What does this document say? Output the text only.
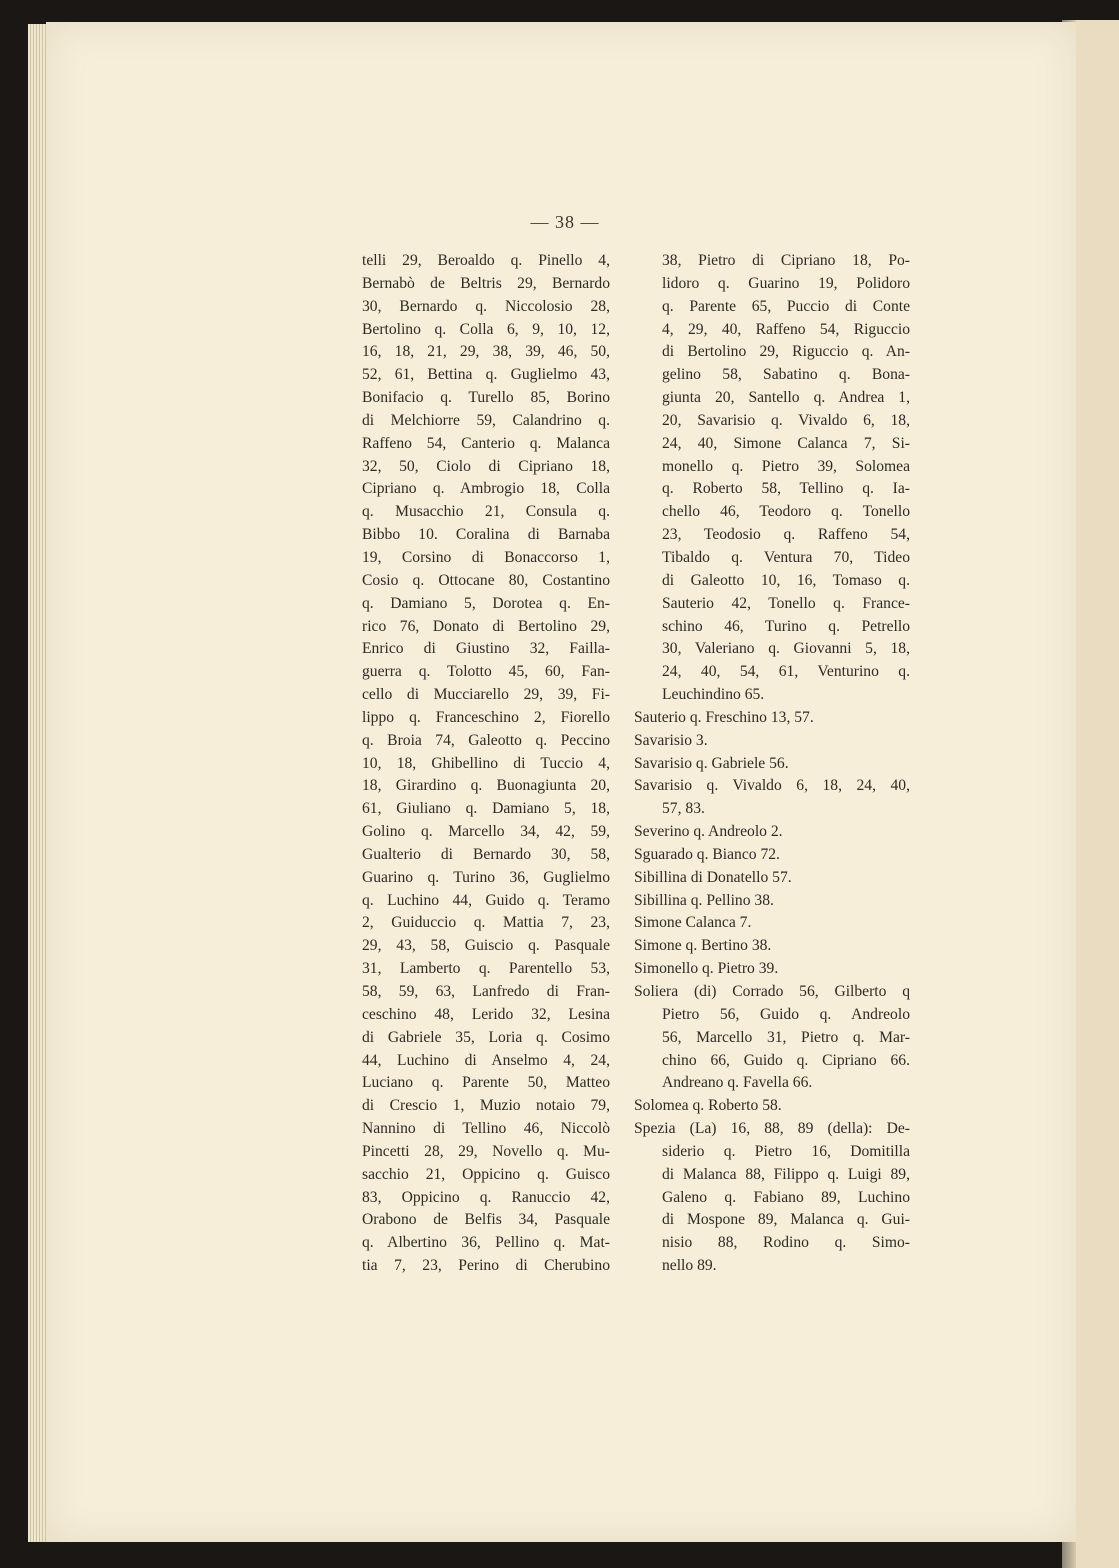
— 38 —
telli 29, Beroaldo q. Pinello 4,
Bernabò de Beltris 29, Bernardo
30, Bernardo q. Niccolosio 28,
Bertolino q. Colla 6, 9, 10, 12,
16, 18, 21, 29, 38, 39, 46, 50,
52, 61, Bettina q. Guglielmo 43,
Bonifacio q. Turello 85, Borino
di Melchiorre 59, Calandrino q.
Raffeno 54, Canterio q. Malanca
32, 50, Ciolo di Cipriano 18,
Cipriano q. Ambrogio 18, Colla
q. Musacchio 21, Consula q.
Bibbo 10. Coralina di Barnaba
19, Corsino di Bonaccorso 1,
Cosio q. Ottocane 80, Costantino
q. Damiano 5, Dorotea q. En-
rico 76, Donato di Bertolino 29,
Enrico di Giustino 32, Failla-
guerra q. Tolotto 45, 60, Fan-
cello di Mucciarello 29, 39, Fi-
lippo q. Franceschino 2, Fiorello
q. Broia 74, Galeotto q. Peccino
10, 18, Ghibellino di Tuccio 4,
18, Girardino q. Buonagiunta 20,
61, Giuliano q. Damiano 5, 18,
Golino q. Marcello 34, 42, 59,
Gualterio di Bernardo 30, 58,
Guarino q. Turino 36, Guglielmo
q. Luchino 44, Guido q. Teramo
2, Guiduccio q. Mattia 7, 23,
29, 43, 58, Guiscio q. Pasquale
31, Lamberto q. Parentello 53,
58, 59, 63, Lanfredo di Fran-
ceschino 48, Lerido 32, Lesina
di Gabriele 35, Loria q. Cosimo
44, Luchino di Anselmo 4, 24,
Luciano q. Parente 50, Matteo
di Crescio 1, Muzio notaio 79,
Nannino di Tellino 46, Niccolò
Pincetti 28, 29, Novello q. Mu-
sacchio 21, Oppicino q. Guisco
83, Oppicino q. Ranuccio 42,
Orabono de Belfis 34, Pasquale
q. Albertino 36, Pellino q. Mat-
tia 7, 23, Perino di Cherubino
38, Pietro di Cipriano 18, Po-
lidoro q. Guarino 19, Polidoro
q. Parente 65, Puccio di Conte
4, 29, 40, Raffeno 54, Riguccio
di Bertolino 29, Riguccio q. An-
gelino 58, Sabatino q. Bona-
giunta 20, Santello q. Andrea 1,
20, Savarisio q. Vivaldo 6, 18,
24, 40, Simone Calanca 7, Si-
monello q. Pietro 39, Solomea
q. Roberto 58, Tellino q. Ia-
chello 46, Teodoro q. Tonello
23, Teodosio q. Raffeno 54,
Tibaldo q. Ventura 70, Tideo
di Galeotto 10, 16, Tomaso q.
Sauterio 42, Tonello q. France-
schino 46, Turino q. Petrello
30, Valeriano q. Giovanni 5, 18,
24, 40, 54, 61, Venturino q.
Leuchindino 65.
Sauterio q. Freschino 13, 57.
Savarisio 3.
Savarisio q. Gabriele 56.
Savarisio q. Vivaldo 6, 18, 24, 40,
57, 83.
Severino q. Andreolo 2.
Sguarado q. Bianco 72.
Sibillina di Donatello 57.
Sibillina q. Pellino 38.
Simone Calanca 7.
Simone q. Bertino 38.
Simonello q. Pietro 39.
Soliera (di) Corrado 56, Gilberto q
Pietro 56, Guido q. Andreolo
56, Marcello 31, Pietro q. Mar-
chino 66, Guido q. Cipriano 66.
Andreano q. Favella 66.
Solomea q. Roberto 58.
Spezia (La) 16, 88, 89 (della): De-
siderio q. Pietro 16, Domitilla
di Malanca 88, Filippo q. Luigi 89,
Galeno q. Fabiano 89, Luchino
di Mospone 89, Malanca q. Gui-
nisio 88, Rodino q. Simo-
nello 89.
